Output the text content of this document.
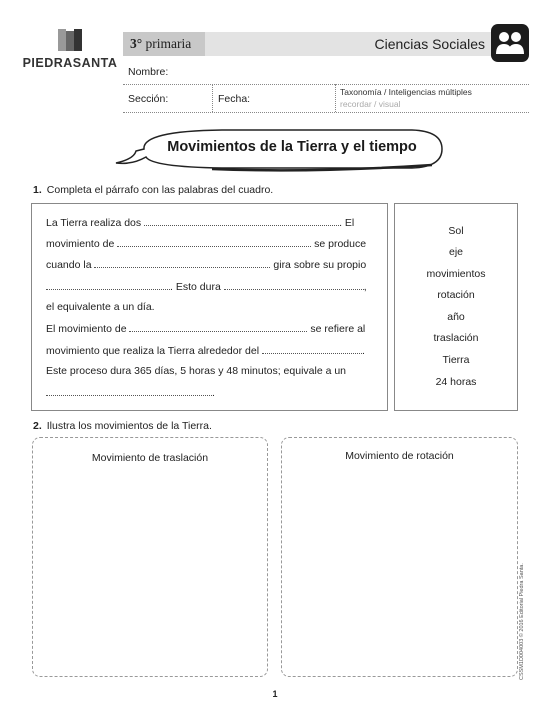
PIEDRASANTA
3° primaria	Ciencias Sociales
Nombre:
Sección:	Fecha:
Taxonomía / Inteligencias múltiples
recordar / visual
Movimientos de la Tierra y el tiempo
1. Completa el párrafo con las palabras del cuadro.
La Tierra realiza dos	. El
movimiento de	se produce
cuando la	gira sobre su propio
. Esto dura	,
el equivalente a un día.
El movimiento de	se refiere al
movimiento que realiza la Tierra alrededor del	.
Este proceso dura 365 días, 5 horas y 48 minutos; equivale a un
.
Sol
eje
movimientos
rotación
año
traslación
Tierra
24 horas
2. Ilustra los movimientos de la Tierra.
Movimiento de traslación	Movimiento de rotación
CSSM1D004003 © 2016 Editorial Piedra Santa.
1
